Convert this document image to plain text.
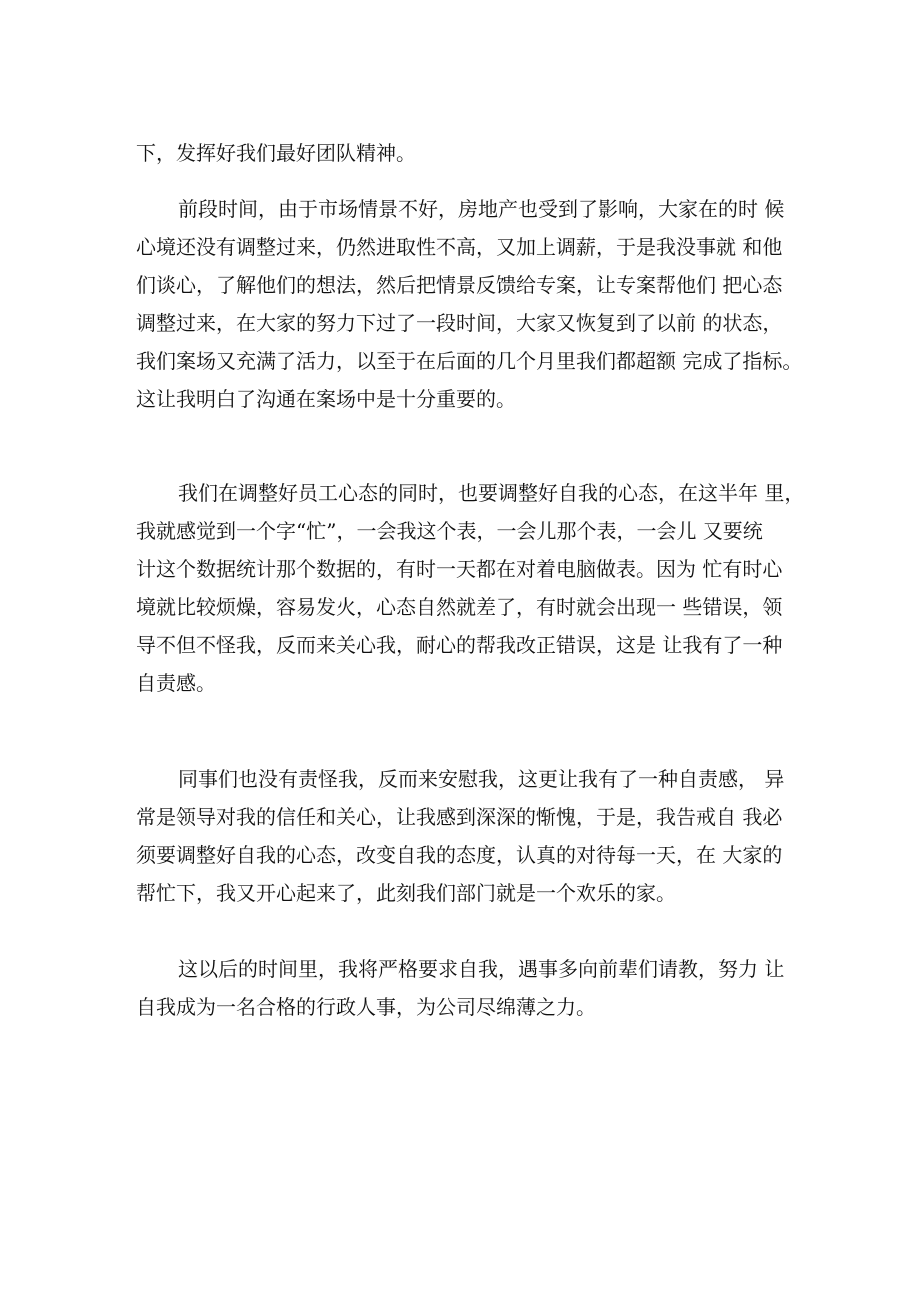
下，发挥好我们最好团队精神。
前段时间，由于市场情景不好，房地产也受到了影响，大家在的时 候
心境还没有调整过来，仍然进取性不高，又加上调薪，于是我没事就 和他
们谈心，了解他们的想法，然后把情景反馈给专案，让专案帮他们 把心态
调整过来，在大家的努力下过了一段时间，大家又恢复到了以前 的状态，
我们案场又充满了活力，以至于在后面的几个月里我们都超额 完成了指标。
这让我明白了沟通在案场中是十分重要的。
我们在调整好员工心态的同时，也要调整好自我的心态，在这半年 里，
我就感觉到一个字“忙”，一会我这个表，一会儿那个表，一会儿 又要统
计这个数据统计那个数据的，有时一天都在对着电脑做表。因为 忙有时心
境就比较烦燥，容易发火，心态自然就差了，有时就会出现一 些错误，领
导不但不怪我，反而来关心我，耐心的帮我改正错误，这是 让我有了一种
自责感。
同事们也没有责怪我，反而来安慰我，这更让我有了一种自责感， 异
常是领导对我的信任和关心，让我感到深深的惭愧，于是，我告戒自 我必
须要调整好自我的心态，改变自我的态度，认真的对待每一天，在 大家的
帮忙下，我又开心起来了，此刻我们部门就是一个欢乐的家。
这以后的时间里，我将严格要求自我，遇事多向前辈们请教，努力 让
自我成为一名合格的行政人事，为公司尽绵薄之力。
